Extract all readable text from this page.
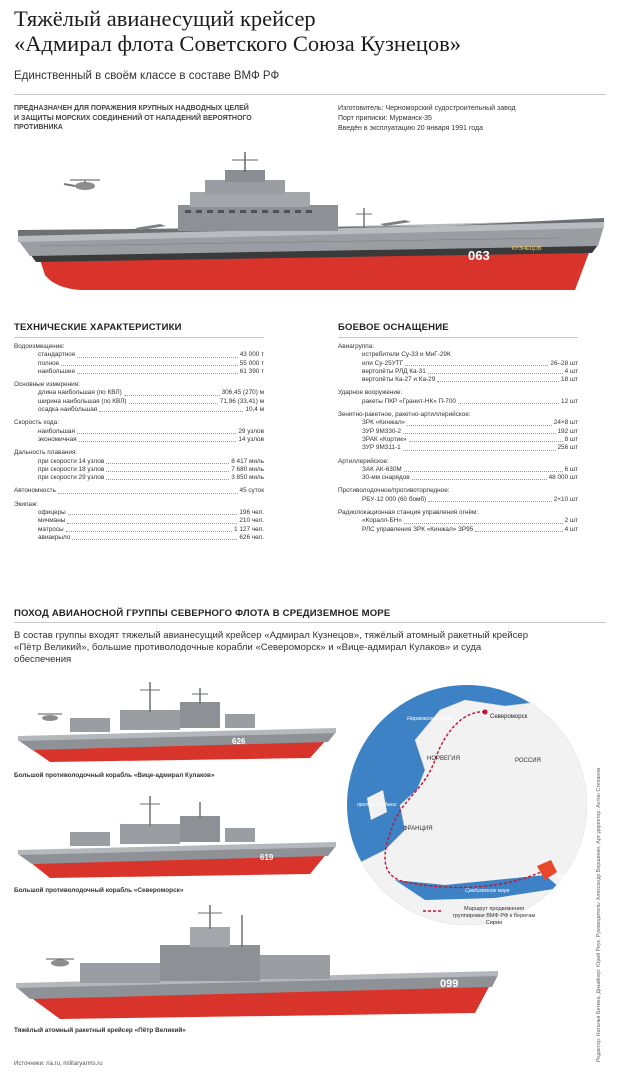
Тяжёлый авианесущий крейсер
«Адмирал флота Советского Союза Кузнецов»
Единственный в своём классе в составе ВМФ РФ
ПРЕДНАЗНАЧЕН ДЛЯ ПОРАЖЕНИЯ КРУПНЫХ НАДВОДНЫХ ЦЕЛЕЙ И ЗАЩИТЫ МОРСКИХ СОЕДИНЕНИЙ ОТ НАПАДЕНИЙ ВЕРОЯТНОГО ПРОТИВНИКА
Изготовитель: Черноморский судостроительный завод
Порт приписки: Мурманск-35
Введён в эксплуатацию 20 января 1991 года
063	КУЗНЕЦОВ
ТЕХНИЧЕСКИЕ ХАРАКТЕРИСТИКИ
Водоизмещение:
стандартное	43 000 т
полное	55 000 т
наибольшее	61 390 т
Основные измерения:
длина наибольшая (по КВЛ)	306,45 (270) м
ширина наибольшая (по КВЛ)	71,96 (33,41) м
осадка наибольшая	10,4 м
Скорость хода:
наибольшая	29 узлов
экономичная	14 узлов
Дальность плавания:
при скорости 14 узлов	8 417 миль
при скорости 18 узлов	7 680 миль
при скорости 29 узлов	3 850 миль
Автономность	45 суток
Экипаж:
офицеры	196 чел.
мичманы	210 чел.
матросы	1 127 чел.
авиакрыло	626 чел.
БОЕВОЕ ОСНАЩЕНИЕ
Авиагруппа:
истребители Су-33 и МиГ-29К
или Су-25УТГ	26–28 шт
вертолёты РЛД Ка-31	4 шт
вертолёты Ка-27 и Ка-29	18 шт
Ударное вооружение:
ракеты ПКР «Гранит-НК» П-700	12 шт
Зенитно-ракетное, ракетно-артиллерийское:
ЗРК «Кинжал»	24×8 шт
ЗУР 9М330-2	192 шт
ЗРАК «Кортик»	8 шт
ЗУР 9М311-1	256 шт
Артиллерийское:
ЗАК АК-630М	6 шт
30-мм снарядов	48 000 шт
Противолодочное/противоторпедное:
РБУ-12 000 (60 бомб)	2×10 шт
Радиолокационная станция управления огнём:
«Коралл-БН»	2 шт
РЛС управления ЗРК «Кинжал» ЗР95	4 шт
ПОХОД АВИАНОСНОЙ ГРУППЫ СЕВЕРНОГО ФЛОТА В СРЕДИЗЕМНОЕ МОРЕ
В состав группы входят тяжелый авианесущий крейсер «Адмирал Кузнецов», тяжёлый атомный ракетный крейсер «Пётр Великий», большие противолодочные корабли «Североморск» и «Вице-адмирал Кулаков» и суда обеспечения
626
Большой противолодочный корабль «Вице-адмирал Кулаков»
619
Большой противолодочный корабль «Североморск»
099
Тяжёлый атомный ракетный крейсер «Пётр Великий»
Норвежское море	Североморск
НОРВЕГИЯ	РОССИЯ
пролив Ла-Манш
ФРАНЦИЯ
Средиземное море
СИРИЯ
Маршрут продвижения группировки ВМФ РФ к берегам Сирии
Источники: ria.ru, militaryarms.ru
Редактор: Наталья Бетина, Дизайнер: Юрий Реук, Руководитель: Александр Вершинин, Арт-директор: Антон Степанов
